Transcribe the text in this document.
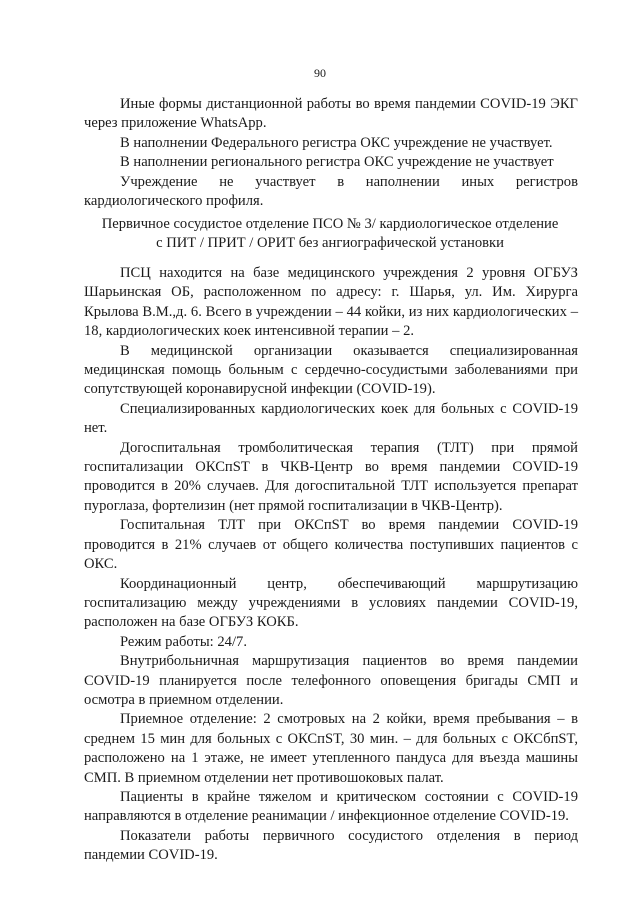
90

Иные формы дистанционной работы во время пандемии COVID-19 ЭКГ через приложение WhatsApp.

В наполнении Федерального регистра ОКС учреждение не участвует.

В наполнении регионального регистра ОКС учреждение не участвует

Учреждение не участвует в наполнении иных регистров кардиологического профиля.

Первичное сосудистое отделение ПСО № 3/ кардиологическое отделение
с ПИТ / ПРИТ / ОРИТ без ангиографической установки

ПСЦ находится на базе медицинского учреждения 2 уровня ОГБУЗ Шарьинская ОБ, расположенном по адресу: г. Шарья, ул. Им. Хирурга Крылова В.М.,д. 6. Всего в учреждении – 44 койки, из них кардиологических –18, кардиологических коек интенсивной терапии – 2.

В медицинской организации оказывается специализированная медицинская помощь больным с сердечно-сосудистыми заболеваниями при сопутствующей коронавирусной инфекции (COVID-19).

Специализированных кардиологических коек для больных с COVID-19 нет.

Догоспитальная тромболитическая терапия (ТЛТ) при прямой госпитализации ОКСпST в ЧКВ-Центр во время пандемии COVID-19 проводится в 20% случаев. Для догоспитальной ТЛТ используется препарат пуроглаза, фортелизин (нет прямой госпитализации в ЧКВ-Центр).

Госпитальная ТЛТ при ОКСпST во время пандемии COVID-19 проводится в 21% случаев от общего количества поступивших пациентов с ОКС.

Координационный центр, обеспечивающий маршрутизацию госпитализацию между учреждениями в условиях пандемии COVID-19, расположен на базе ОГБУЗ КОКБ.

Режим работы: 24/7.

Внутрибольничная маршрутизация пациентов во время пандемии COVID-19 планируется после телефонного оповещения бригады СМП и осмотра в приемном отделении.

Приемное отделение: 2 смотровых на 2 койки, время пребывания – в среднем 15 мин для больных с ОКСпST, 30 мин. – для больных с ОКСбпST, расположено на 1 этаже, не имеет утепленного пандуса для въезда машины СМП. В приемном отделении нет противошоковых палат.

Пациенты в крайне тяжелом и критическом состоянии с COVID-19 направляются в отделение реанимации / инфекционное отделение COVID-19.

Показатели работы первичного сосудистого отделения в период пандемии COVID-19.
